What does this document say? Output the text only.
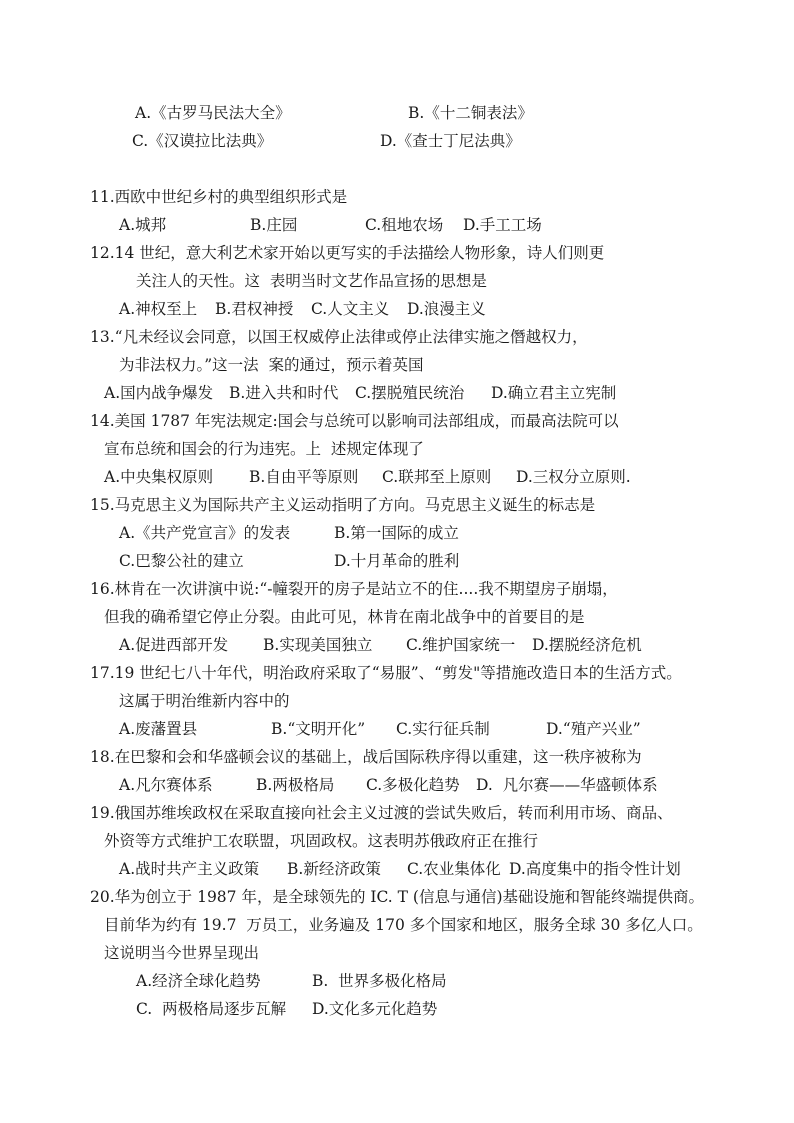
A.《古罗马民法大全》	B.《十二铜表法》
C.《汉谟拉比法典》	D.《查士丁尼法典》
11.西欧中世纪乡村的典型组织形式是
A.城邦	B.庄园	C.租地农场 D.手工工场
12.14 世纪，意大利艺术家开始以更写实的手法描绘人物形象，诗人们则更
关注人的天性。这  表明当时文艺作品宣扬的思想是
A.神权至上 B.君权神授 C.人文主义 D.浪漫主义
13.“凡未经议会同意，以国王权威停止法律或停止法律实施之僭越权力，
为非法权力。”这一法  案的通过，预示着英国
A.国内战争爆发 B.进入共和时代 C.摆脱殖民统治 D.确立君主立宪制
14.美国 1787 年宪法规定:国会与总统可以影响司法部组成，而最高法院可以
宣布总统和国会的行为违宪。上  述规定体现了
A.中央集权原则 B.自由平等原则 C.联邦至上原则 D.三权分立原则.
15.马克思主义为国际共产主义运动指明了方向。马克思主义诞生的标志是
A.《共产党宣言》的发表	B.第一国际的成立
C.巴黎公社的建立	D.十月革命的胜利
16.林肯在一次讲演中说:“-幢裂开的房子是站立不的住....我不期望房子崩塌，
但我的确希望它停止分裂。由此可见，林肯在南北战争中的首要目的是
A.促进西部开发 B.实现美国独立 C.维护国家统一 D.摆脱经济危机
17.19 世纪七八十年代，明治政府采取了“易服”、“剪发"等措施改造日本的生活方式。
这属于明治维新内容中的
A.废藩置县	B.“文明开化” C.实行征兵制	D.“殖产兴业”
18.在巴黎和会和华盛顿会议的基础上，战后国际秩序得以重建，这一秩序被称为
A.凡尔赛体系	B.两极格局 C.多极化趋势 D.  凡尔赛——华盛顿体系
19.俄国苏维埃政权在采取直接向社会主义过渡的尝试失败后，转而利用市场、商品、
外资等方式维护工农联盟，巩固政权。这表明苏俄政府正在推行
A.战时共产主义政策 B.新经济政策 C.农业集体化 D.高度集中的指令性计划
20.华为创立于 1987 年，是全球领先的 IC. T (信息与通信)基础设施和智能终端提供商。
目前华为约有 19.7  万员工，业务遍及 170 多个国家和地区，服务全球 30 多亿人口。
这说明当今世界呈现出
A.经济全球化趋势	B.  世界多极化格局
C.  两极格局逐步瓦解 D.文化多元化趋势
